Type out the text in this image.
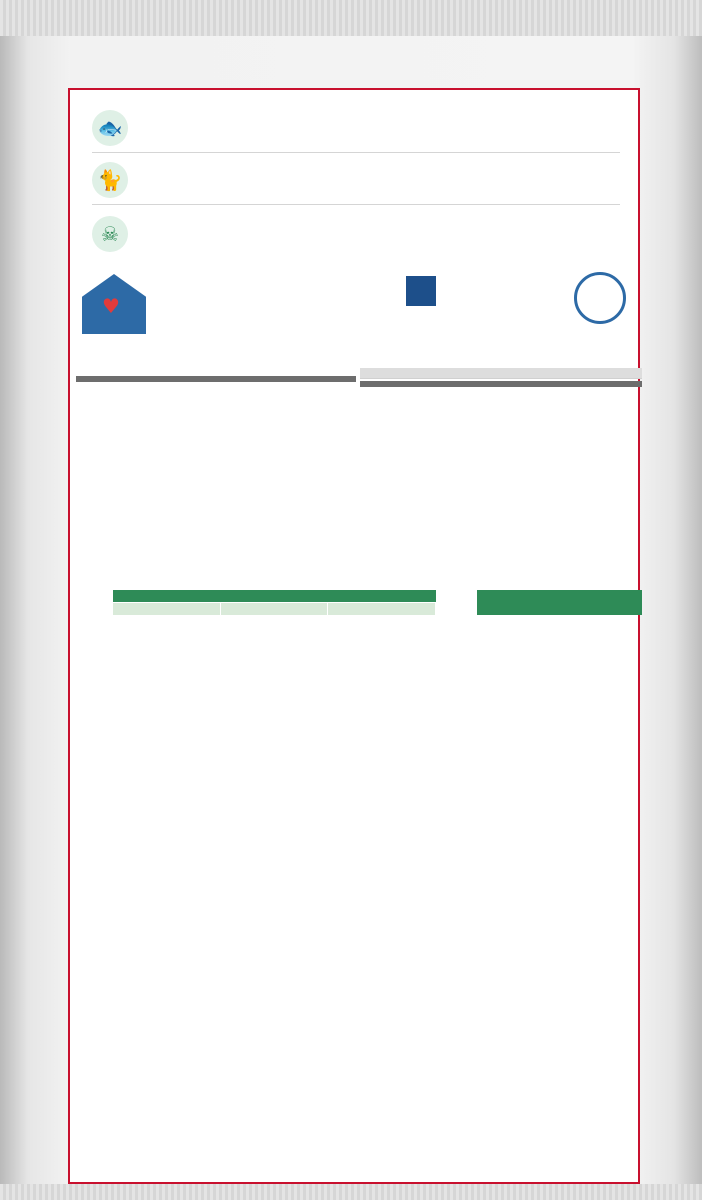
🐟
🐈
☠
♥
